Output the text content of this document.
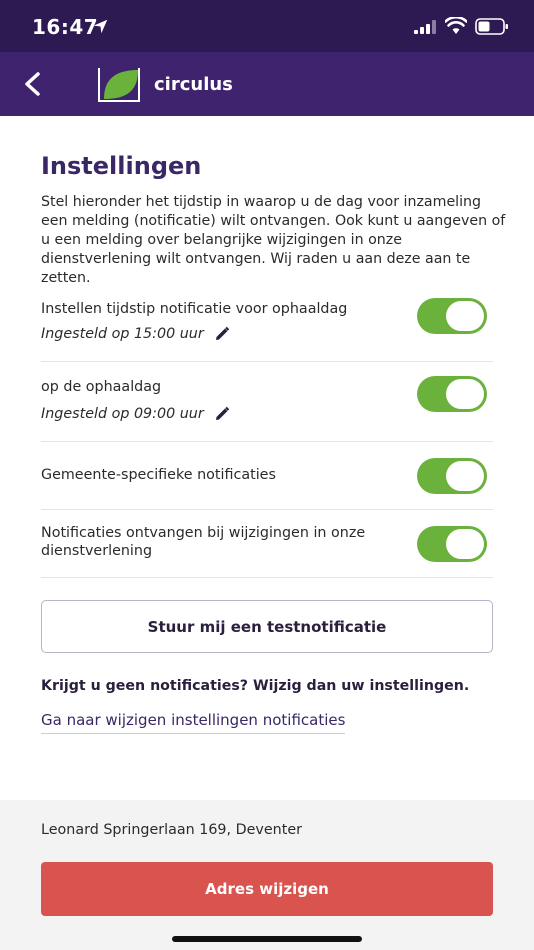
16:47
circulus
Instellingen

Stel hieronder het tijdstip in waarop u de dag voor inzameling een melding (notificatie) wilt ontvangen. Ook kunt u aangeven of u een melding over belangrijke wijzigingen in onze dienstverlening wilt ontvangen. Wij raden u aan deze aan te zetten.

Instellen tijdstip notificatie voor ophaaldag
Ingesteld op 15:00 uur
op de ophaaldag
Ingesteld op 09:00 uur
Gemeente-specifieke notificaties
Notificaties ontvangen bij wijzigingen in onze dienstverlening
Stuur mij een testnotificatie
Krijgt u geen notificaties? Wijzig dan uw instellingen.
Ga naar wijzigen instellingen notificaties
Leonard Springerlaan 169, Deventer
Adres wijzigen
